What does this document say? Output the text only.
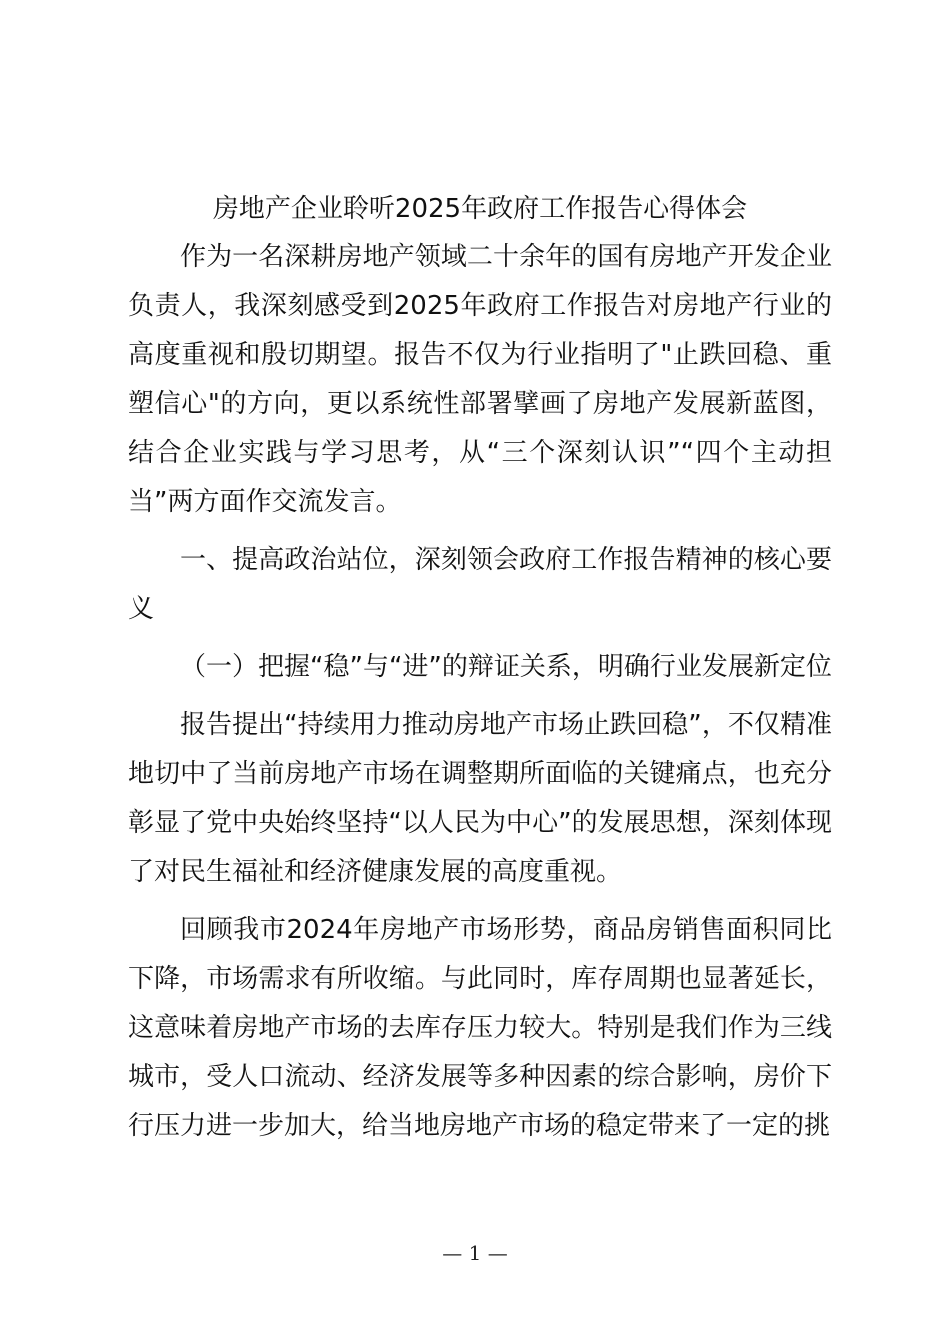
房地产企业聆听2025年政府工作报告心得体会

作为一名深耕房地产领域二十余年的国有房地产开发企业负责人，我深刻感受到2025年政府工作报告对房地产行业的高度重视和殷切期望。报告不仅为行业指明了"止跌回稳、重塑信心"的方向，更以系统性部署擘画了房地产发展新蓝图，结合企业实践与学习思考，从“三个深刻认识”“四个主动担当”两方面作交流发言。

一、提高政治站位，深刻领会政府工作报告精神的核心要义

（一）把握“稳”与“进”的辩证关系，明确行业发展新定位

报告提出“持续用力推动房地产市场止跌回稳”，不仅精准地切中了当前房地产市场在调整期所面临的关键痛点，也充分彰显了党中央始终坚持“以人民为中心”的发展思想，深刻体现了对民生福祉和经济健康发展的高度重视。

回顾我市2024年房地产市场形势，商品房销售面积同比下降，市场需求有所收缩。与此同时，库存周期也显著延长，这意味着房地产市场的去库存压力较大。特别是我们作为三线城市，受人口流动、经济发展等多种因素的综合影响，房价下行压力进一步加大，给当地房地产市场的稳定带来了一定的挑

— 1 —
